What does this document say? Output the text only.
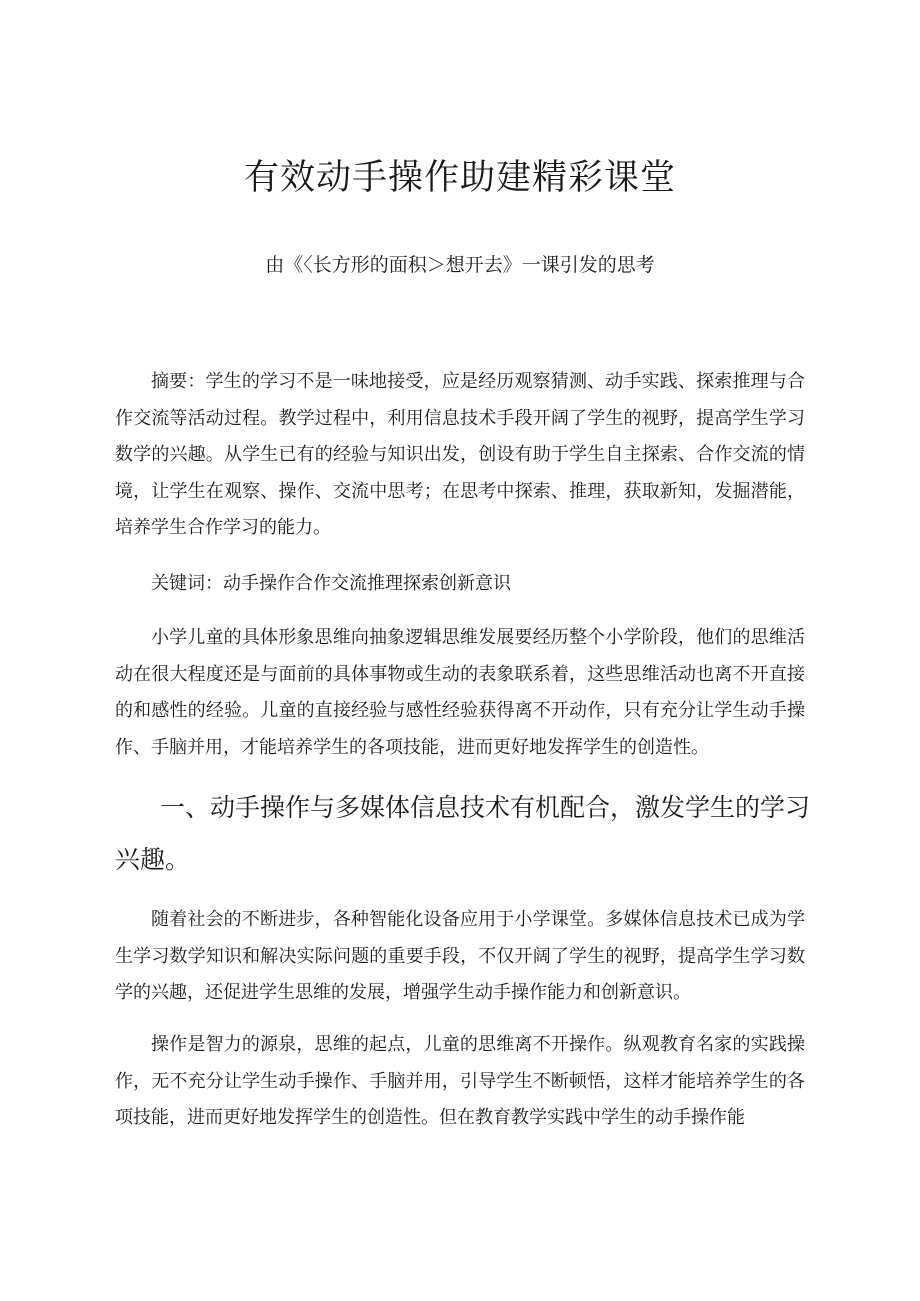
有效动手操作助建精彩课堂

由《〈长方形的面积＞想开去》一课引发的思考

摘要：学生的学习不是一味地接受，应是经历观察猜测、动手实践、探索推理与合作交流等活动过程。教学过程中，利用信息技术手段开阔了学生的视野，提高学生学习数学的兴趣。从学生已有的经验与知识出发，创设有助于学生自主探索、合作交流的情境，让学生在观察、操作、交流中思考；在思考中探索、推理，获取新知，发掘潜能，培养学生合作学习的能力。

关键词：动手操作合作交流推理探索创新意识

小学儿童的具体形象思维向抽象逻辑思维发展要经历整个小学阶段，他们的思维活动在很大程度还是与面前的具体事物或生动的表象联系着，这些思维活动也离不开直接的和感性的经验。儿童的直接经验与感性经验获得离不开动作，只有充分让学生动手操作、手脑并用，才能培养学生的各项技能，进而更好地发挥学生的创造性。

一、动手操作与多媒体信息技术有机配合，激发学生的学习兴趣。

随着社会的不断进步，各种智能化设备应用于小学课堂。多媒体信息技术已成为学生学习数学知识和解决实际问题的重要手段，不仅开阔了学生的视野，提高学生学习数学的兴趣，还促进学生思维的发展，增强学生动手操作能力和创新意识。

操作是智力的源泉，思维的起点，儿童的思维离不开操作。纵观教育名家的实践操作，无不充分让学生动手操作、手脑并用，引导学生不断顿悟，这样才能培养学生的各项技能，进而更好地发挥学生的创造性。但在教育教学实践中学生的动手操作能
